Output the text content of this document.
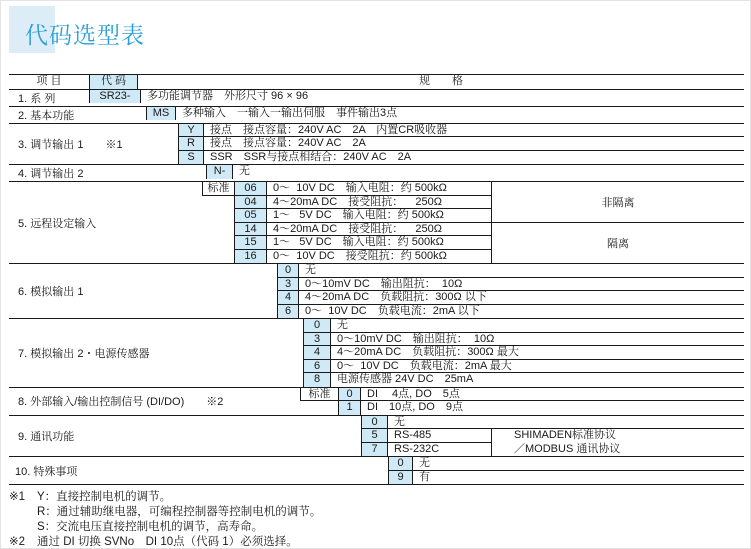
代码选型表
项 目	代 码	规　　格
1. 系 列	SR23-	多功能调节器　外形尺寸 96 × 96
2. 基本功能	MS	多种输入　一输入一输出伺服　事件输出3点
3. 调节输出 1　　※1
Y	接点　接点容量：240V AC　2A　内置CR吸收器
R	接点　接点容量：240V AC　2A
S	SSR　SSR与接点相结合：240V AC　2A
4. 调节输出 2	N-	无
5. 远程设定输入
标准	06	0～  10V DC　输入电阻：约 500kΩ
04	4～20mA DC　接受阻抗：    250Ω
05	1～   5V DC　输入电阻：约 500kΩ
非隔离
14	4～20mA DC　接受阻抗：    250Ω
15	1～   5V DC　输入电阻：约 500kΩ
16	0～  10V DC　接受阻抗：约 500kΩ
隔离
6. 模拟输出 1
0	无
3	0～10mV DC　输出阻抗：  10Ω
4	4～20mA DC　负载阻抗：300Ω 以下
6	0～  10V DC　负载电流：2mA 以下
7. 模拟输出 2・电源传感器
0	无
3	0～10mV DC　输出阻抗：  10Ω
4	4～20mA DC　负载阻抗：300Ω 最大
6	0～  10V DC　负载电流：2mA 最大
8	电源传感器 24V DC　25mA
8. 外部输入/输出控制信号 (DI/DO)　　※2
标准	0	DI　 4点, DO　5点
1	DI　10点, DO　9点
9. 通讯功能
0	无
5	RS-485
7	RS-232C
SHIMADEN标准协议
／MODBUS 通讯协议
10. 特殊事项
0	无
9	有
※1	Y：直接控制电机的调节。
R：通过辅助继电器，可编程控制器等控制电机的调节。
S：交流电压直接控制电机的调节，高寿命。
※2	通过 DI 切换 SVNo　DI 10点（代码 1）必须选择。
